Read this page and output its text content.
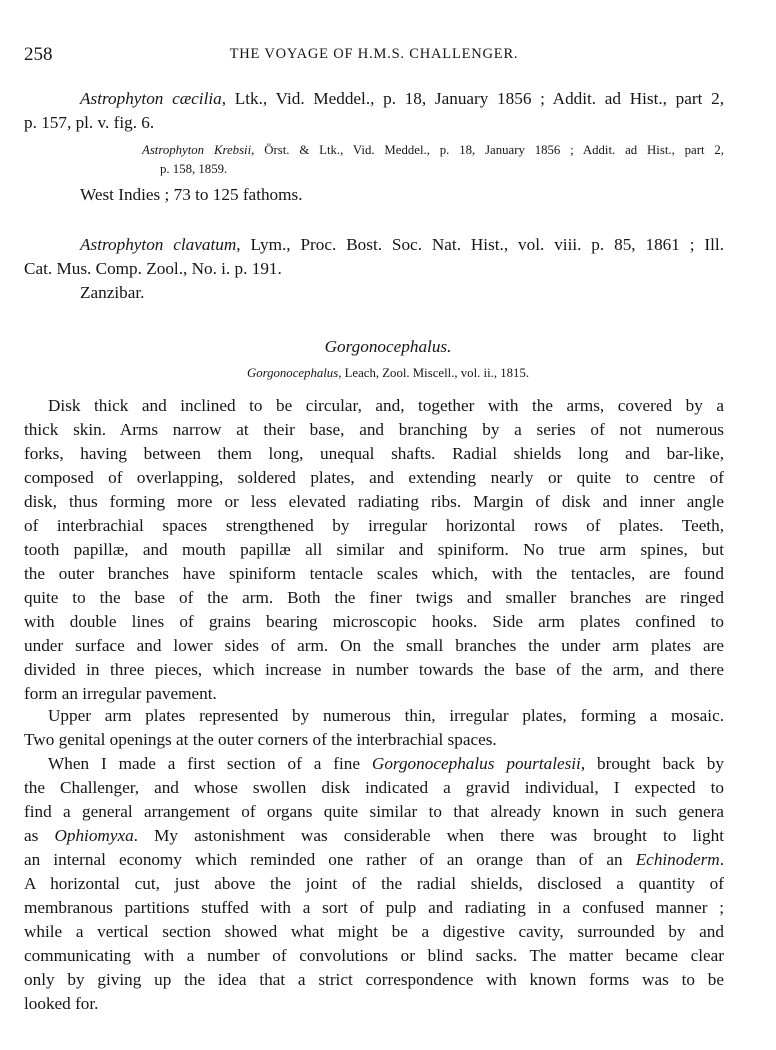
258	THE VOYAGE OF H.M.S. CHALLENGER.
Astrophyton cæcilia, Ltk., Vid. Meddel., p. 18, January 1856 ; Addit. ad Hist., part 2,
p. 157, pl. v. fig. 6.
Astrophyton Krebsii, Örst. & Ltk., Vid. Meddel., p. 18, January 1856 ; Addit. ad Hist., part 2,
p. 158, 1859.
West Indies ; 73 to 125 fathoms.
Astrophyton clavatum, Lym., Proc. Bost. Soc. Nat. Hist., vol. viii. p. 85, 1861 ; Ill.
Cat. Mus. Comp. Zool., No. i. p. 191.
Zanzibar.
Gorgonocephalus.
Gorgonocephalus, Leach, Zool. Miscell., vol. ii., 1815.
Disk thick and inclined to be circular, and, together with the arms, covered by a
thick skin. Arms narrow at their base, and branching by a series of not numerous
forks, having between them long, unequal shafts. Radial shields long and bar-like,
composed of overlapping, soldered plates, and extending nearly or quite to centre of
disk, thus forming more or less elevated radiating ribs. Margin of disk and inner angle
of interbrachial spaces strengthened by irregular horizontal rows of plates. Teeth,
tooth papillæ, and mouth papillæ all similar and spiniform. No true arm spines, but
the outer branches have spiniform tentacle scales which, with the tentacles, are found
quite to the base of the arm. Both the finer twigs and smaller branches are ringed
with double lines of grains bearing microscopic hooks. Side arm plates confined to
under surface and lower sides of arm. On the small branches the under arm plates are
divided in three pieces, which increase in number towards the base of the arm, and there
form an irregular pavement.
Upper arm plates represented by numerous thin, irregular plates, forming a mosaic.
Two genital openings at the outer corners of the interbrachial spaces.
When I made a first section of a fine Gorgonocephalus pourtalesii, brought back by
the Challenger, and whose swollen disk indicated a gravid individual, I expected to
find a general arrangement of organs quite similar to that already known in such genera
as Ophiomyxa. My astonishment was considerable when there was brought to light
an internal economy which reminded one rather of an orange than of an Echinoderm.
A horizontal cut, just above the joint of the radial shields, disclosed a quantity of
membranous partitions stuffed with a sort of pulp and radiating in a confused manner ;
while a vertical section showed what might be a digestive cavity, surrounded by and
communicating with a number of convolutions or blind sacks. The matter became clear
only by giving up the idea that a strict correspondence with known forms was to be
looked for.
